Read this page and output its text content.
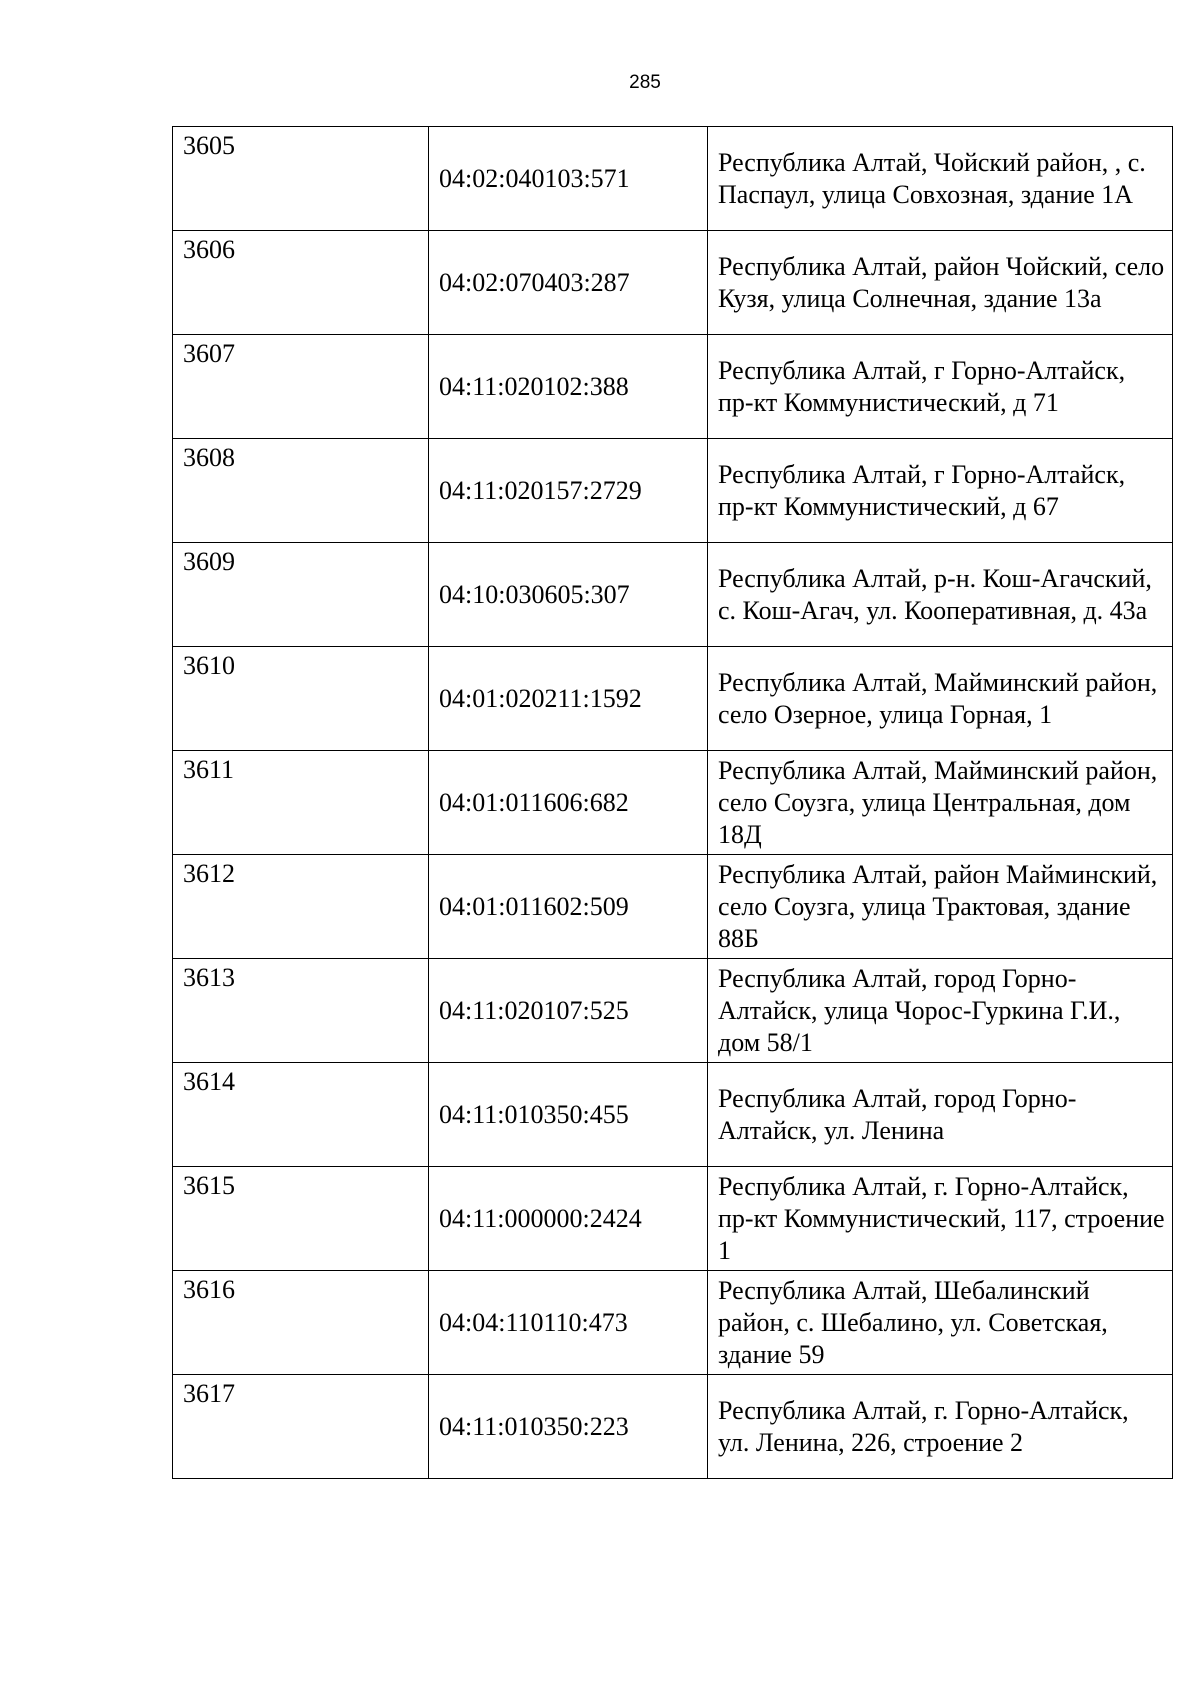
285
3605	04:02:040103:571	Республика Алтай, Чойский район, , с. Паспаул, улица Совхозная, здание 1А
3606	04:02:070403:287	Республика Алтай, район Чойский, село Кузя, улица Солнечная, здание 13а
3607	04:11:020102:388	Республика Алтай, г Горно-Алтайск, пр-кт Коммунистический, д 71
3608	04:11:020157:2729	Республика Алтай, г Горно-Алтайск, пр-кт Коммунистический, д 67
3609	04:10:030605:307	Республика Алтай, р-н. Кош-Агачский, с. Кош-Агач, ул. Кооперативная, д. 43а
3610	04:01:020211:1592	Республика Алтай, Майминский район, село Озерное, улица Горная, 1
3611	04:01:011606:682	Республика Алтай, Майминский район, село Соузга, улица Центральная, дом 18Д
3612	04:01:011602:509	Республика Алтай, район Майминский, село Соузга, улица Трактовая, здание 88Б
3613	04:11:020107:525	Республика Алтай, город Горно-Алтайск, улица Чорос-Гуркина Г.И., дом 58/1
3614	04:11:010350:455	Республика Алтай, город Горно-Алтайск, ул. Ленина
3615	04:11:000000:2424	Республика Алтай, г. Горно-Алтайск, пр-кт Коммунистический, 117, строение 1
3616	04:04:110110:473	Республика Алтай, Шебалинский район, с. Шебалино, ул. Советская, здание 59
3617	04:11:010350:223	Республика Алтай, г. Горно-Алтайск, ул. Ленина, 226, строение 2
